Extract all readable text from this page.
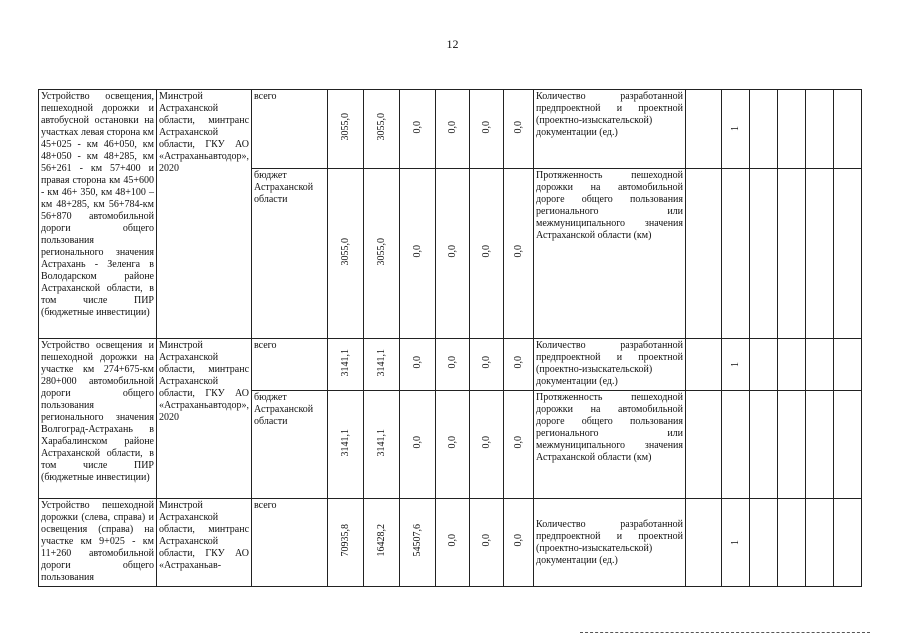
12
Устройство освещения, пешеходной дорожки и автобусной остановки на участках левая сторона км 45+025 - км 46+050, км 48+050 - км 48+285, км 56+261 - км 57+400 и правая сторона км 45+600 - км 46+ 350, км 48+100 – км 48+285, км 56+784-км 56+870 автомобильной дороги общего пользования регионального значения Астрахань - Зеленга в Володарском районе Астраханской области, в том числе ПИР (бюджетные инвестиции)	Минстрой Астраханской области, минтранс Астраханской области, ГКУ АО «Астраханьавтодор», 2020	всего	3055,0	3055,0	0,0	0,0	0,0	0,0	Количество разработанной предпроектной и проектной (проектно-изыскательской) документации (ед.)		1				
		бюджет Астраханской области	3055,0	3055,0	0,0	0,0	0,0	0,0	Протяженность пешеходной дорожки на автомобильной дороге общего пользования регионального или межмуниципального значения Астраханской области (км)						
Устройство освещения и пешеходной дорожки на участке км 274+675-км 280+000 автомобильной дороги общего пользования регионального значения Волгоград-Астрахань в Харабалинском районе Астраханской области, в том числе ПИР (бюджетные инвестиции)	Минстрой Астраханской области, минтранс Астраханской области, ГКУ АО «Астраханьавтодор», 2020	всего	3141,1	3141,1	0,0	0,0	0,0	0,0	Количество разработанной предпроектной и проектной (проектно-изыскательской) документации (ед.)		1				
		бюджет Астраханской области	3141,1	3141,1	0,0	0,0	0,0	0,0	Протяженность пешеходной дорожки на автомобильной дороге общего пользования регионального или межмуниципального значения Астраханской области (км)						
Устройство пешеходной дорожки (слева, справа) и освещения (справа) на участке км 9+025 - км 11+260 автомобильной дороги общего пользования	Минстрой Астраханской области, минтранс Астраханской области, ГКУ АО «Астраханьав-	всего	70935,8	16428,2	54507,6	0,0	0,0	0,0	Количество разработанной предпроектной и проектной (проектно-изыскательской) документации (ед.)		1				
